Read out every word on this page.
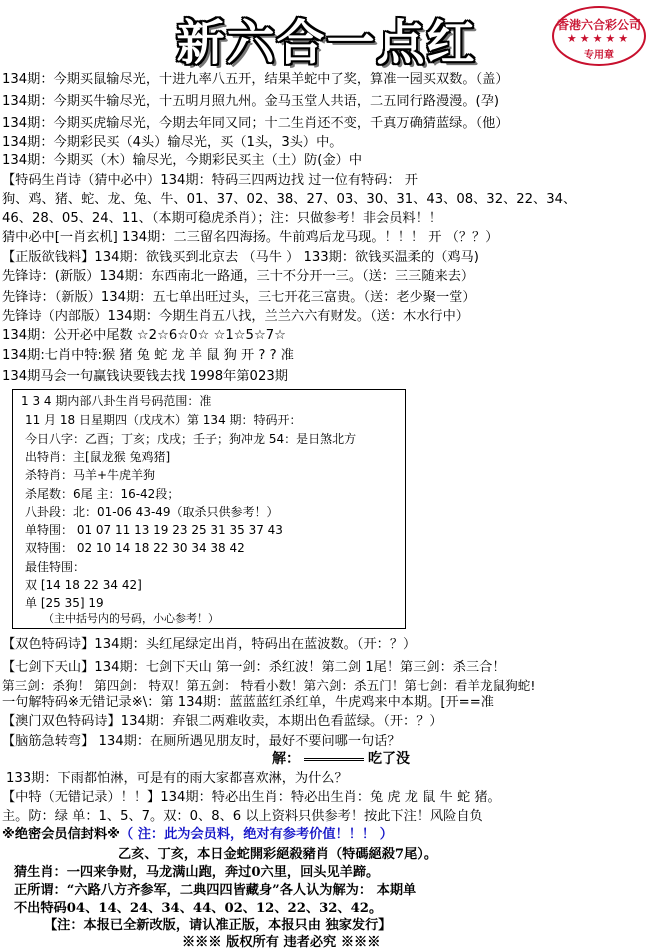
新六合一点红	香港六合彩公司
★★★★★
专用章
134期：今期买鼠输尽光，十进九率八五开，结果羊蛇中了奖，算准一园买双数。（盖）
134期：今期买牛输尽光，十五明月照九州。金马玉堂人共语，二五同行路漫漫。(孕)
134期：今期买虎输尽光，今期去年同又同；十二生肖还不变，千真万确猜蓝绿。（他）
134期：今期彩民买（4头）输尽光，买（1头，3头）中。
134期：今期买（木）输尽光，今期彩民买主（土）防(金）中
【特码生肖诗（猜中必中）134期：特码三四两边找 过一位有特码： 开
狗、鸡、猪、蛇、龙、兔、牛、01、37、02、38、27、03、30、31、43、08、32、22、34、
46、28、05、24、11、（本期可稳虎杀肖）；注：只做参考！非会员料！！
猜中必中[一肖玄机] 134期：二三留名四海扬。牛前鸡后龙马现。！！！ 开 （？？）
【正版欲钱料】134期：欲钱买到北京去 （马牛 ） 133期：欲钱买温柔的（鸡马)
先锋诗：(新版）134期：东西南北一路通，三十不分开一三。（送：三三随来去）
先锋诗：（新版）134期：五七单出旺过头，三七开花三富贵。（送：老少聚一堂）
先锋诗（内部版）134期：今期生肖五八找，兰兰六六有财发。（送：木水行中）
134期：公开必中尾数 ☆2☆6☆0☆ ☆1☆5☆7☆
134期:七肖中特:猴 猪 兔 蛇 龙 羊 鼠 狗 开 ? ? 准
134期马会一句赢钱诀要钱去找 1998年第023期
1 3 4 期内部八卦生肖号码范围：准
11 月 18 日星期四（戊戌木）第 134 期：特码开：
今日八字：乙酉；丁亥；戊戌；壬子；狗冲龙 54：是日煞北方
出特肖：主[鼠龙猴 兔鸡猪]
杀特肖：马羊+牛虎羊狗
杀尾数：6尾 主：16-42段；
八卦段：北：01-06 43-49（取杀只供参考！）
单特围： 01 07 11 13 19 23 25 31 35 37 43
双特围： 02 10 14 18 22 30 34 38 42
最佳特围：
双 [14 18 22 34 42]
单 [25 35] 19
（主中括号内的号码，小心参考！）
【双色特码诗】134期：头红尾绿定出肖，特码出在蓝波数。（开：？）
【七剑下天山】134期：七剑下天山 第一剑：杀红波！第二剑 1尾！第三剑：杀三合！
第三剑：杀狗！ 第四剑： 特双！第五剑： 特看小数！第六剑：杀五门！第七剑：看羊龙鼠狗蛇!
一句解特码※无错记录※\：第 134期：蓝蓝蓝红杀红单，牛虎鸡来中本期。[开==准
【澳门双色特码诗】134期：弃银二两难收卖，本期出色看蓝绿。（开：？）
【脑筋急转弯】 134期：在厕所遇见朋友时，最好不要问哪一句话？
解：	吃了没
133期：下雨都怕淋，可是有的雨大家都喜欢淋，为什么？
【中特（无错记录）！！】134期：特必出生肖：特必出生肖：兔 虎 龙 鼠 牛 蛇 猪。
主。防：绿 单：1、5、7。双：0、8、6 以上资料只供参考！按此下注！风险自负
※绝密会员信封料※（ 注：此为会员料，绝对有参考价值！！！ ）
乙亥、丁亥，本日金蛇開彩絕殺豬肖（特碼絕殺7尾）。
猜生肖：一四来争财，马龙满山跑，奔过0六里，回头见羊蹄。
正所谓：“六路八方齐参军，二典四四皆藏身”各人认为解为： 本期单
不出特码04、14、24、34、44、02、12、22、32、42。
【注：本报已全新改版，请认准正版，本报只由 独家发行】
※※※ 版权所有 违者必究 ※※※
